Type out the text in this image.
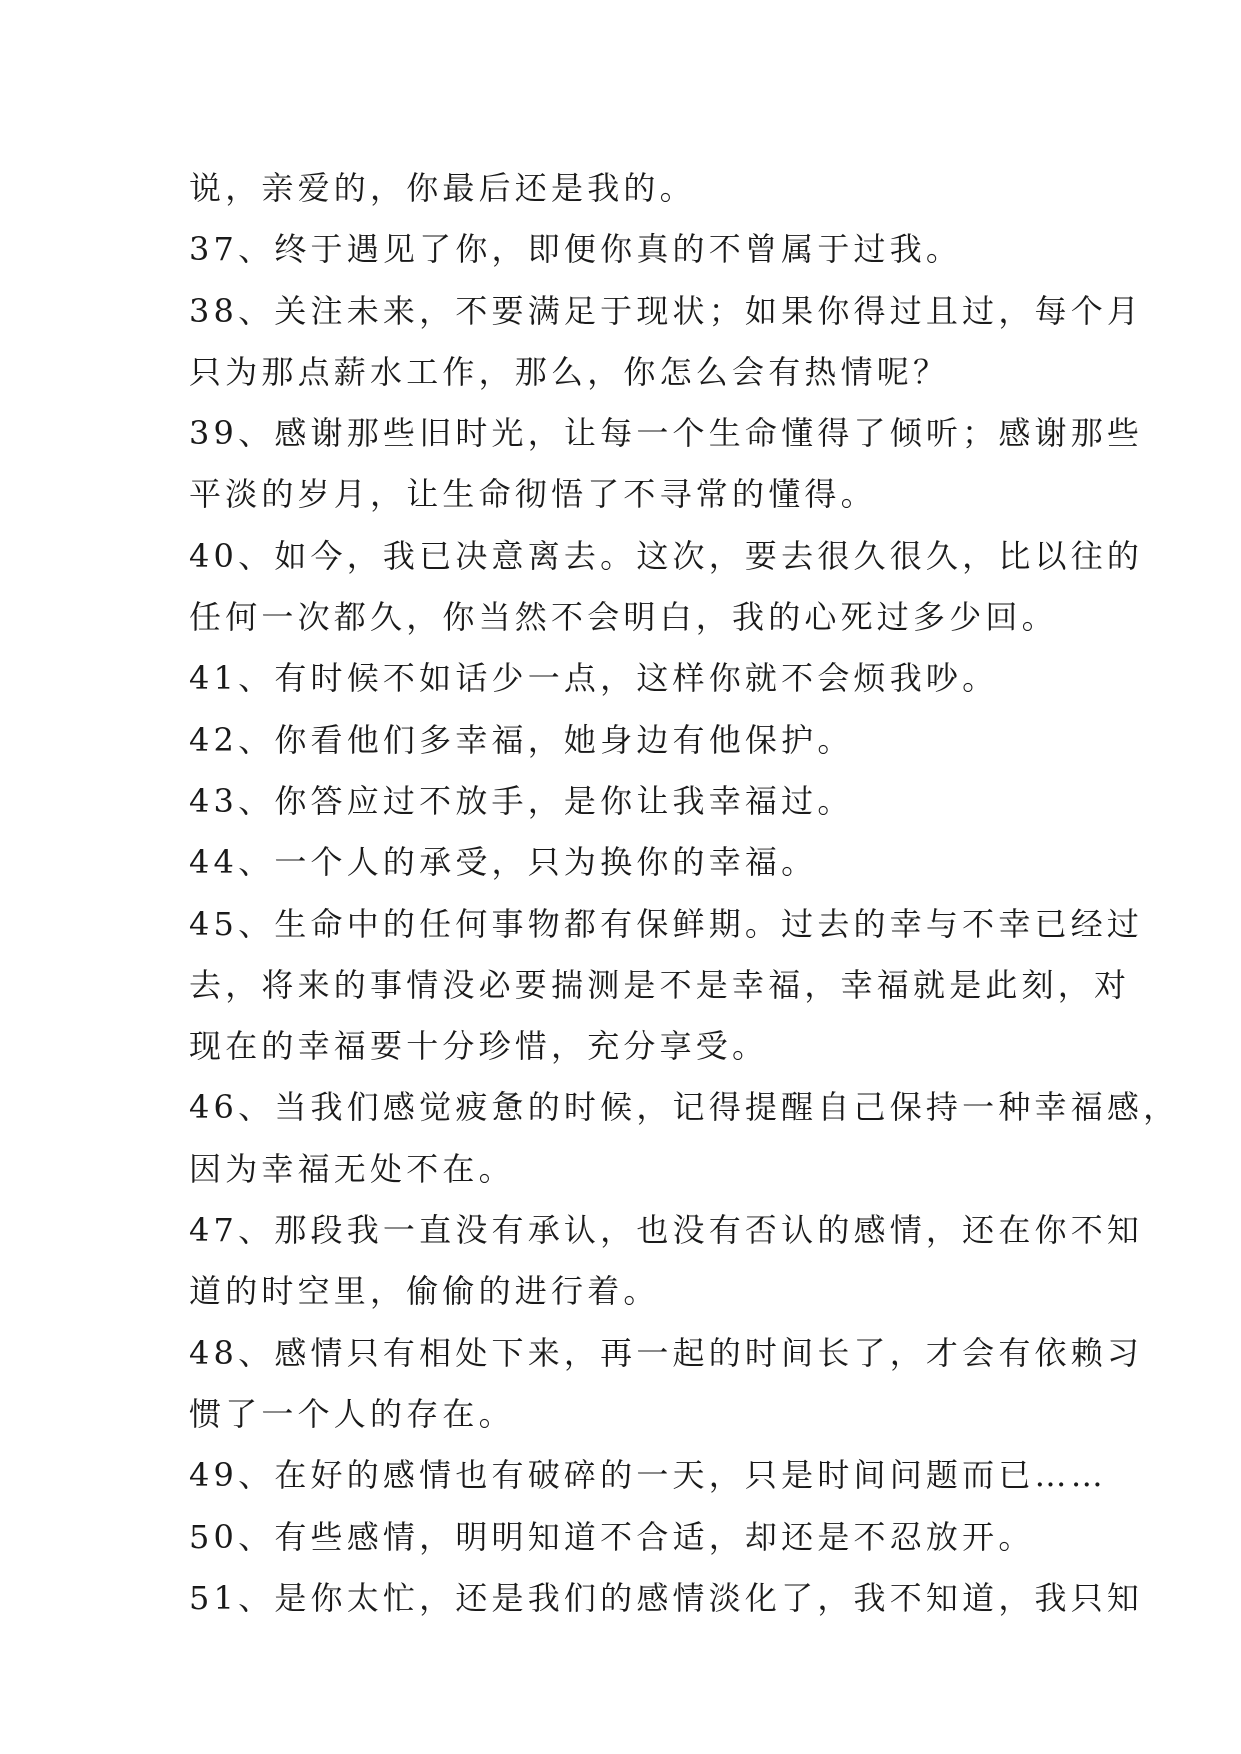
说，亲爱的，你最后还是我的。
37、终于遇见了你，即便你真的不曾属于过我。
38、关注未来，不要满足于现状；如果你得过且过，每个月
只为那点薪水工作，那么，你怎么会有热情呢？
39、感谢那些旧时光，让每一个生命懂得了倾听；感谢那些
平淡的岁月，让生命彻悟了不寻常的懂得。
40、如今，我已决意离去。这次，要去很久很久，比以往的
任何一次都久，你当然不会明白，我的心死过多少回。
41、有时候不如话少一点，这样你就不会烦我吵。
42、你看他们多幸福，她身边有他保护。
43、你答应过不放手，是你让我幸福过。
44、一个人的承受，只为换你的幸福。
45、生命中的任何事物都有保鲜期。过去的幸与不幸已经过
去，将来的事情没必要揣测是不是幸福，幸福就是此刻，对
现在的幸福要十分珍惜，充分享受。
46、当我们感觉疲惫的时候，记得提醒自己保持一种幸福感，
因为幸福无处不在。
47、那段我一直没有承认，也没有否认的感情，还在你不知
道的时空里，偷偷的进行着。
48、感情只有相处下来，再一起的时间长了，才会有依赖习
惯了一个人的存在。
49、在好的感情也有破碎的一天，只是时间问题而已……
50、有些感情，明明知道不合适，却还是不忍放开。
51、是你太忙，还是我们的感情淡化了，我不知道，我只知
